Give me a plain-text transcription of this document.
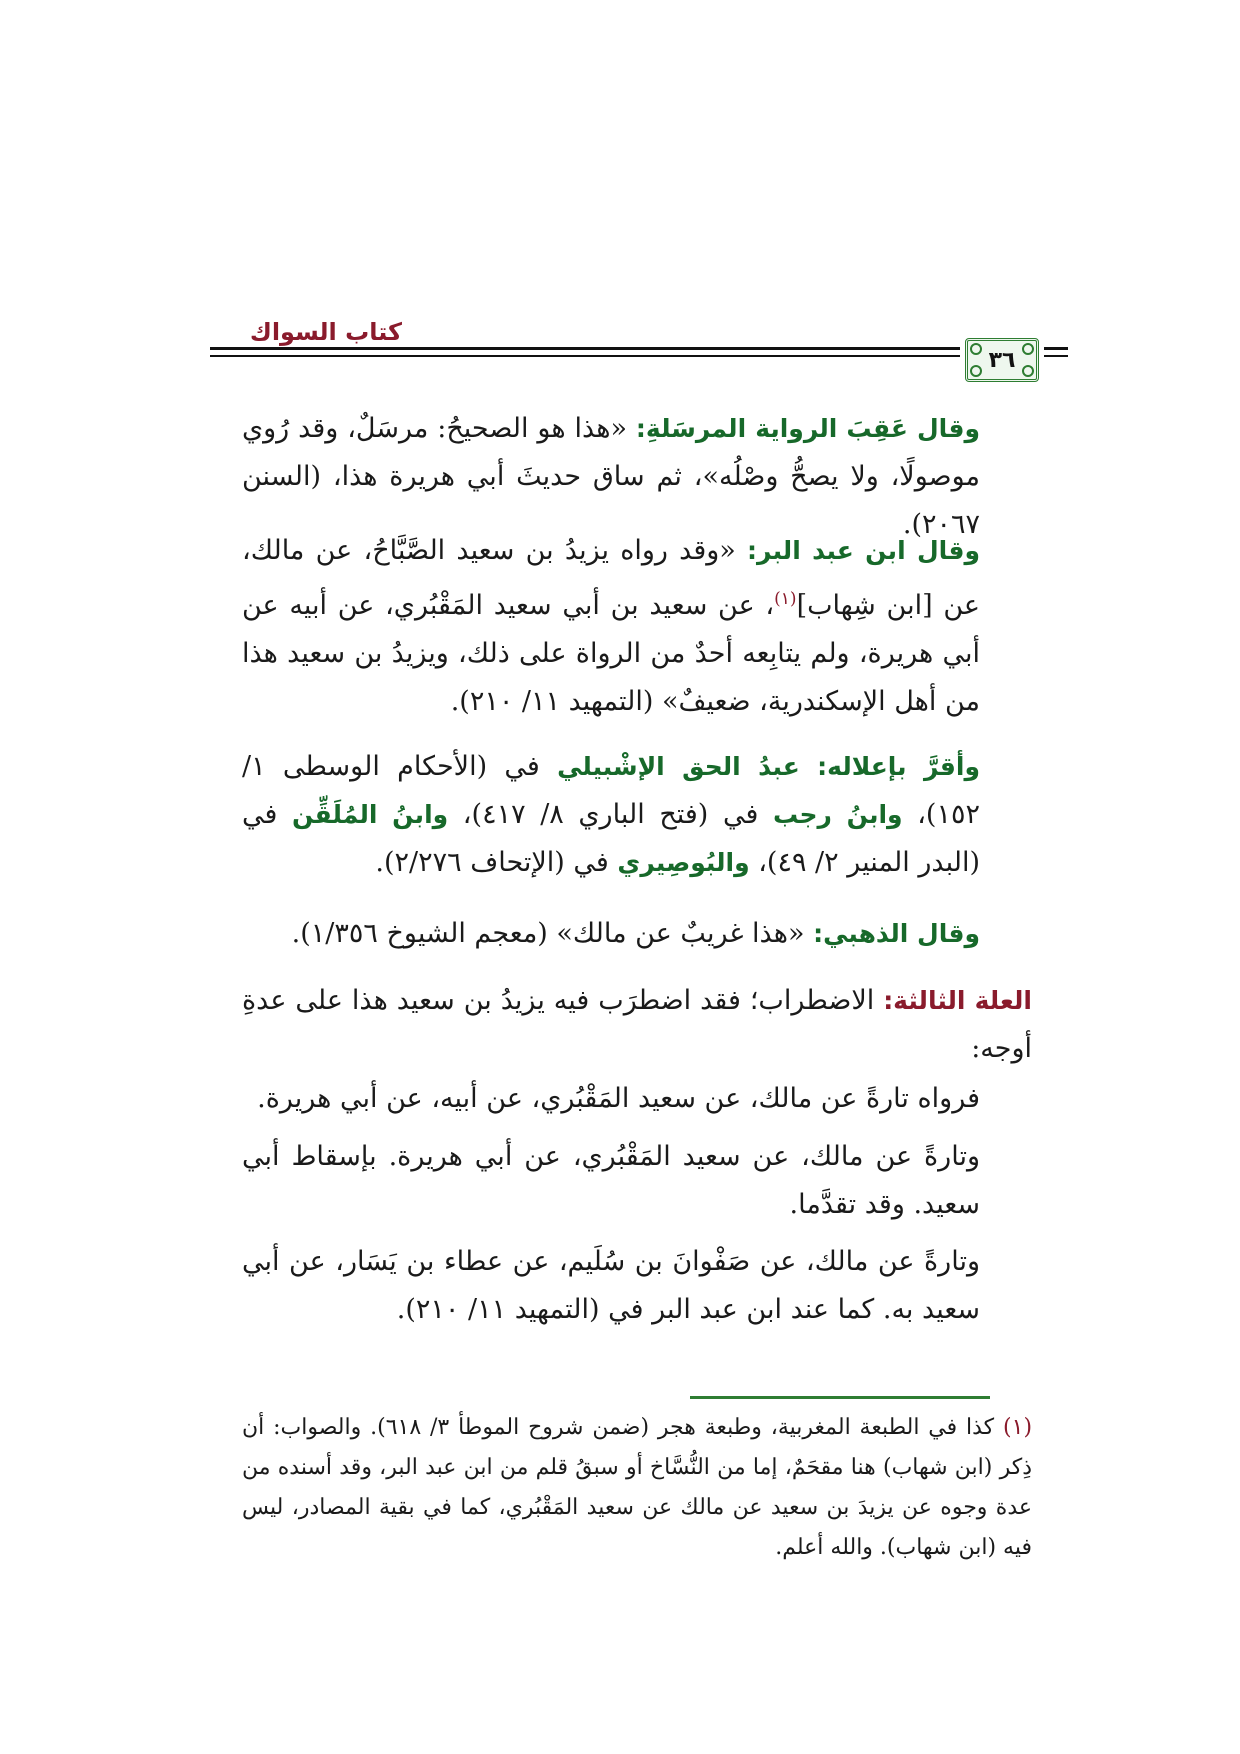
كتاب السواك
٣٦

وقال عَقِبَ الرواية المرسَلةِ: «هذا هو الصحيحُ: مرسَلٌ، وقد رُوي موصولًا، ولا يصحُّ وصْلُه»، ثم ساق حديثَ أبي هريرة هذا، (السنن ٢٠٦٧).

وقال ابن عبد البر: «وقد رواه يزيدُ بن سعيد الصَّبَّاحُ، عن مالك، عن [ابن شِهاب]$^{(١)}$، عن سعيد بن أبي سعيد المَقْبُري، عن أبيه عن أبي هريرة، ولم يتابِعه أحدٌ من الرواة على ذلك، ويزيدُ بن سعيد هذا من أهل الإسكندرية، ضعيفٌ» (التمهيد ١١/ ٢١٠).

وأقرَّ بإعلاله: عبدُ الحق الإشْبيلي في (الأحكام الوسطى ١/ ١٥٢)، وابنُ رجب في (فتح الباري ٨/ ٤١٧)، وابنُ المُلَقِّن في (البدر المنير ٢/ ٤٩)، والبُوصِيري في (الإتحاف ٢/٢٧٦).

وقال الذهبي: «هذا غريبٌ عن مالك» (معجم الشيوخ ١/٣٥٦).

العلة الثالثة: الاضطراب؛ فقد اضطرَب فيه يزيدُ بن سعيد هذا على عدةِ أوجه:

فرواه تارةً عن مالك، عن سعيد المَقْبُري، عن أبيه، عن أبي هريرة.

وتارةً عن مالك، عن سعيد المَقْبُري، عن أبي هريرة. بإسقاط أبي سعيد. وقد تقدَّما.

وتارةً عن مالك، عن صَفْوانَ بن سُلَيم، عن عطاء بن يَسَار، عن أبي سعيد به. كما عند ابن عبد البر في (التمهيد ١١/ ٢١٠).

(١) كذا في الطبعة المغربية، وطبعة هجر (ضمن شروح الموطأ ٣/ ٦١٨). والصواب: أن ذِكر (ابن شهاب) هنا مقحَمٌ، إما من النُّسَّاخ أو سبقُ قلم من ابن عبد البر، وقد أسنده من عدة وجوه عن يزيدَ بن سعيد عن مالك عن سعيد المَقْبُري، كما في بقية المصادر، ليس فيه (ابن شهاب). والله أعلم.
